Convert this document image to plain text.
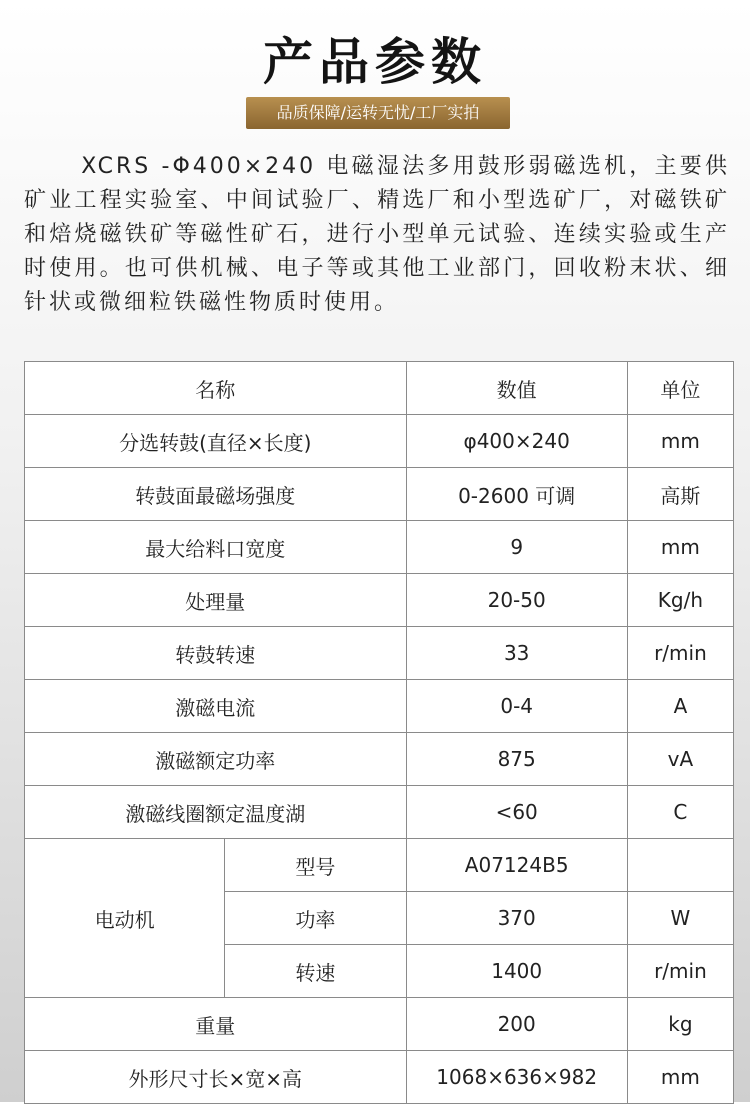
产品参数
品质保障/运转无忧/工厂实拍
XCRS -Φ400×240 电磁湿法多用鼓形弱磁选机，主要供矿业工程实验室、中间试验厂、精选厂和小型选矿厂，对磁铁矿和焙烧磁铁矿等磁性矿石，进行小型单元试验、连续实验或生产时使用。也可供机械、电子等或其他工业部门，回收粉末状、细针状或微细粒铁磁性物质时使用。
名称		数值	单位
分选转鼓(直径×长度)		φ400×240	mm
转鼓面最磁场强度		0-2600 可调	高斯
最大给料口宽度		9	mm
处理量		20-50	Kg/h
转鼓转速		33	r/min
激磁电流		0-4	A
激磁额定功率		875	vA
激磁线圈额定温度湖		<60	C
电动机	型号	A07124B5	
	功率	370	W
	转速	1400	r/min
重量		200	kg
外形尺寸长×宽×高		1068×636×982	mm
